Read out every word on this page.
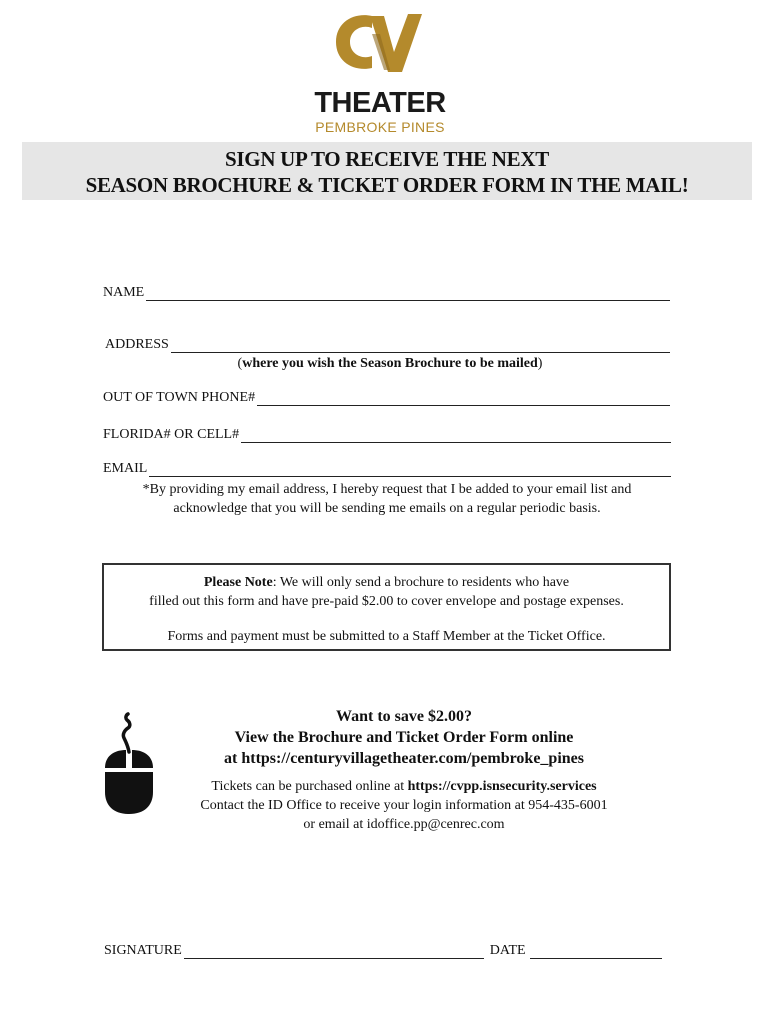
THEATER
PEMBROKE PINES
SIGN UP TO RECEIVE THE NEXT
SEASON BROCHURE & TICKET ORDER FORM IN THE MAIL!
NAME
ADDRESS
(where you wish the Season Brochure to be mailed)
OUT OF TOWN PHONE#
FLORIDA# OR CELL#
EMAIL
*By providing my email address, I hereby request that I be added to your email list and
acknowledge that you will be sending me emails on a regular periodic basis.
Please Note: We will only send a brochure to residents who have
filled out this form and have pre-paid $2.00 to cover envelope and postage expenses.
Forms and payment must be submitted to a Staff Member at the Ticket Office.
Want to save $2.00?
View the Brochure and Ticket Order Form online
at https://centuryvillagetheater.com/pembroke_pines
Tickets can be purchased online at https://cvpp.isnsecurity.services
Contact the ID Office to receive your login information at 954-435-6001
or email at idoffice.pp@cenrec.com
SIGNATURE	DATE
